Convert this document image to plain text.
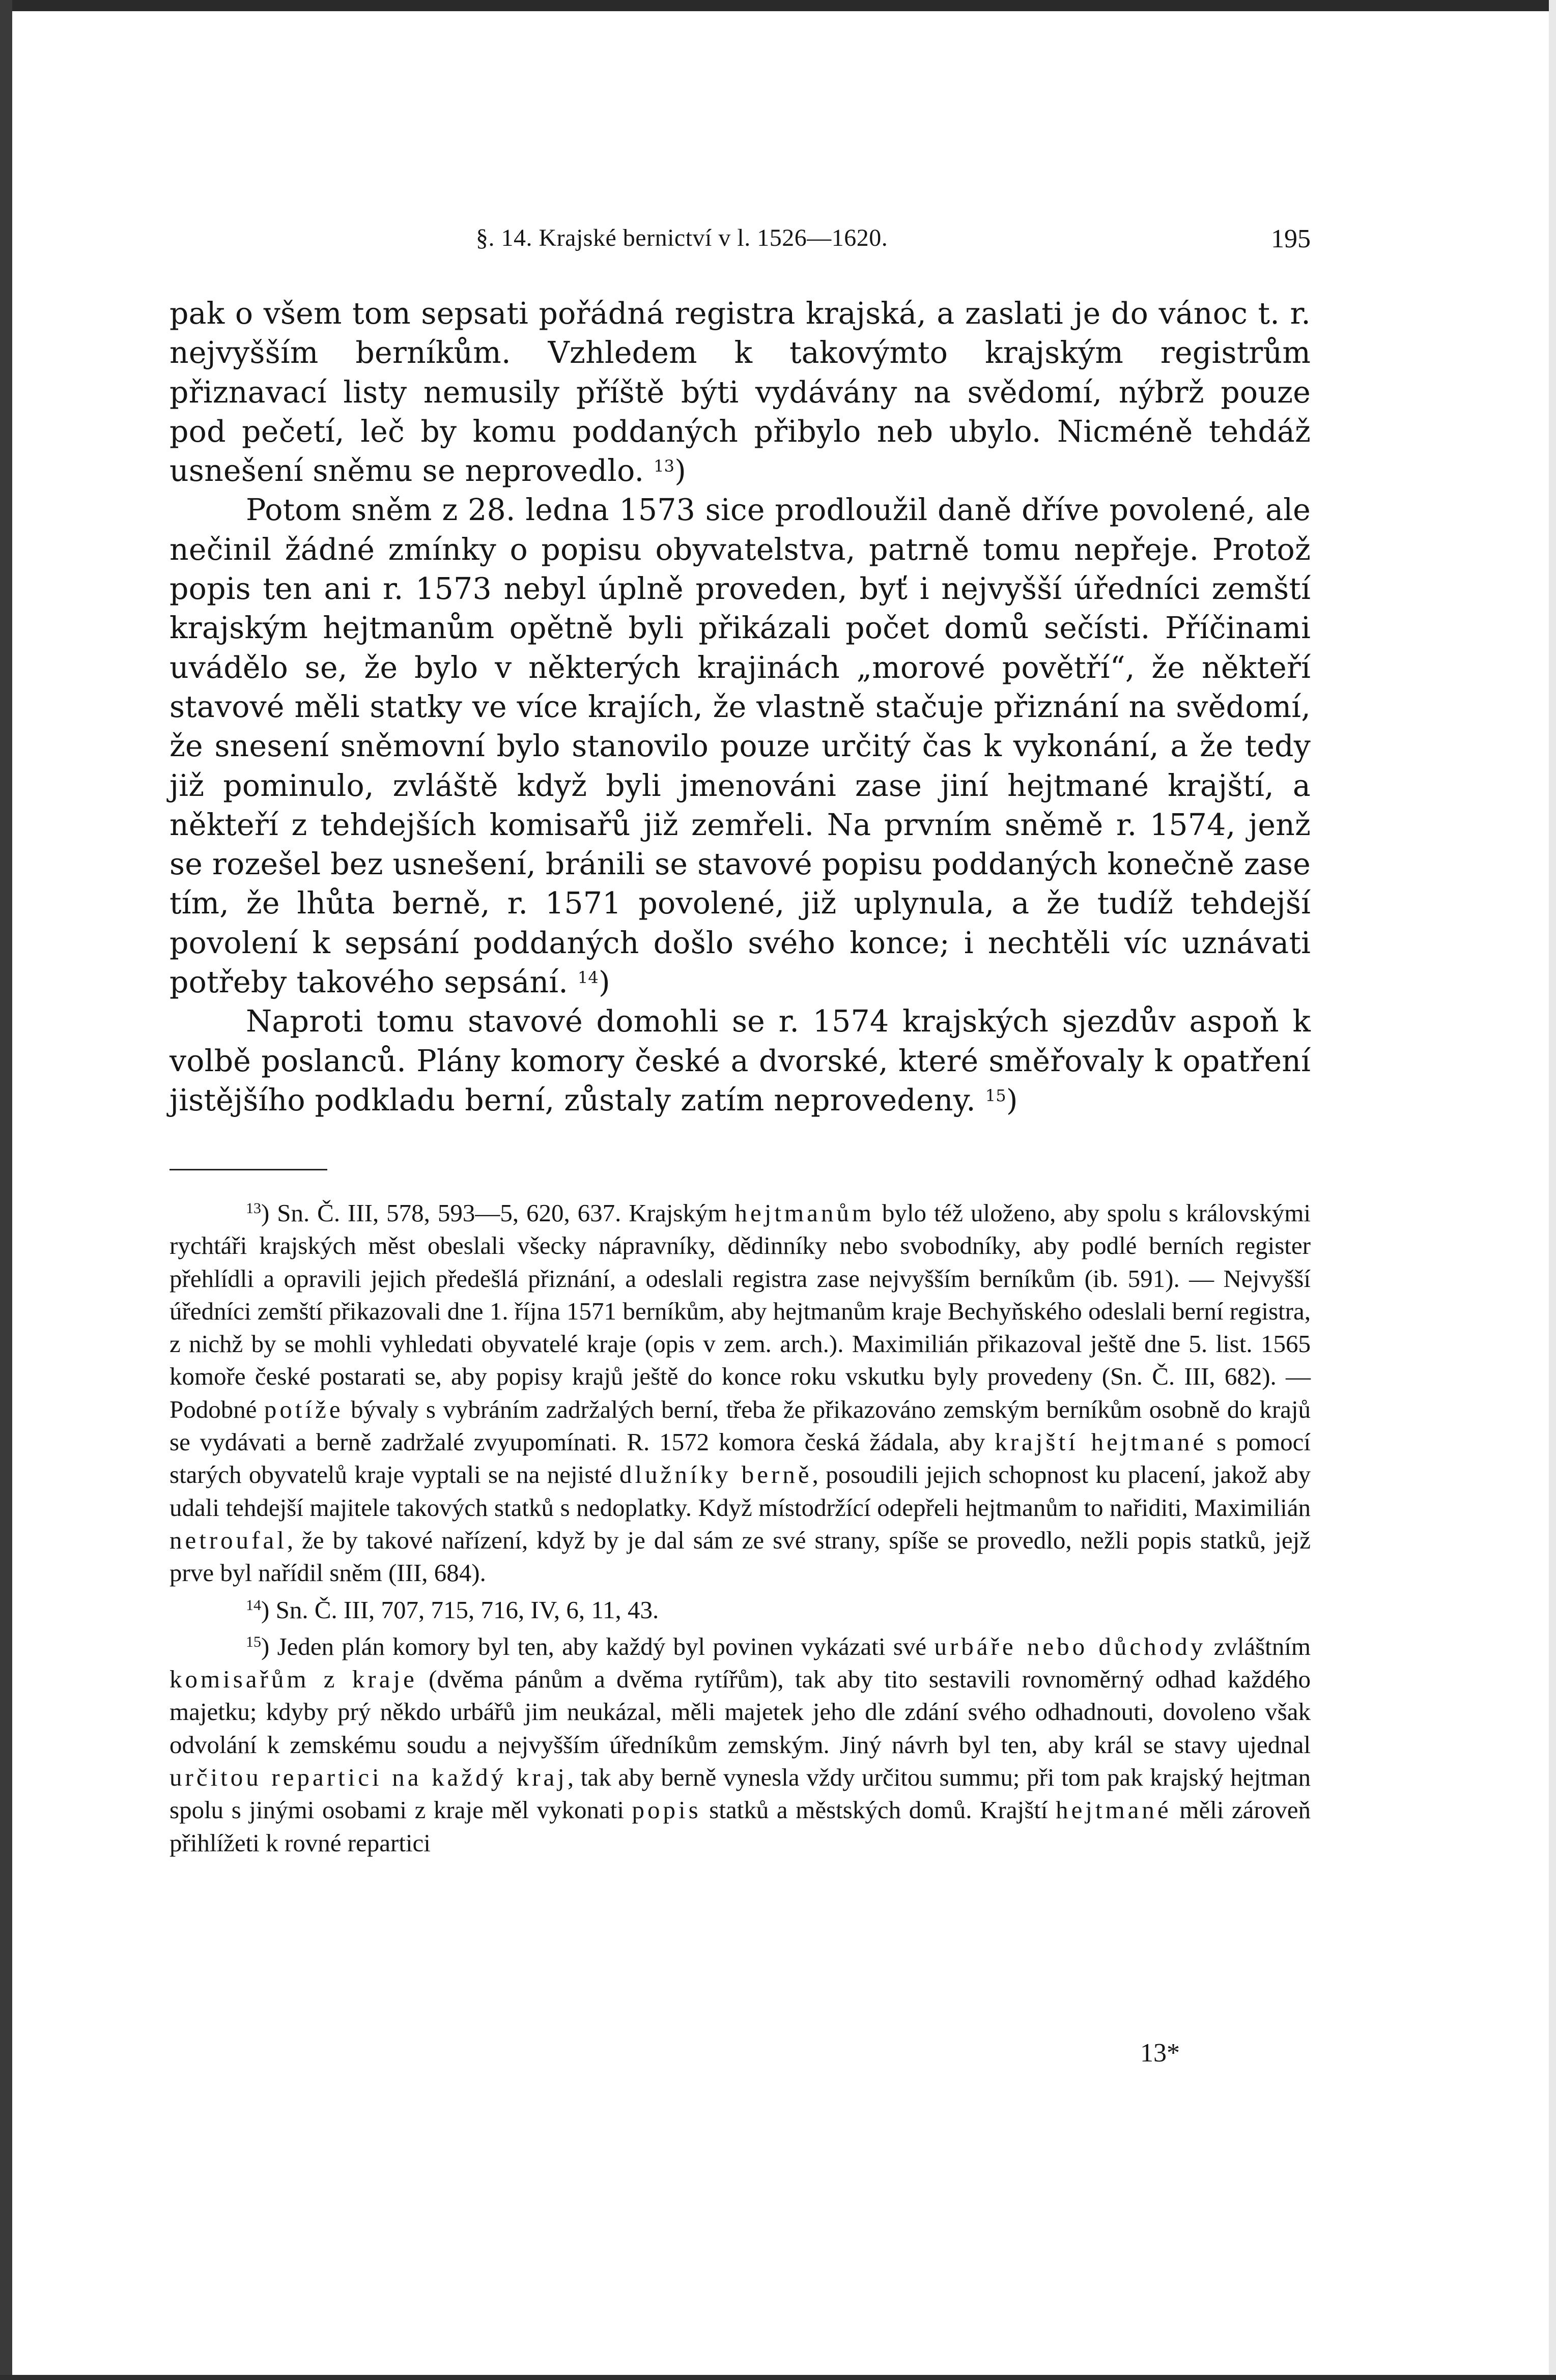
§. 14. Krajské bernictví v l. 1526—1620.	195

pak o všem tom sepsati pořádná registra krajská, a zaslati je do vánoc t. r. nejvyšším berníkům. Vzhledem k takovýmto krajským registrům přiznavací listy nemusily příště býti vydávány na svědomí, nýbrž pouze pod pečetí, leč by komu poddaných přibylo neb ubylo. Nicméně tehdáž usnešení sněmu se neprovedlo. $^{13}$)

Potom sněm z 28. ledna 1573 sice prodloužil daně dříve povolené, ale nečinil žádné zmínky o popisu obyvatelstva, patrně tomu nepřeje. Protož popis ten ani r. 1573 nebyl úplně proveden, byť i nejvyšší úředníci zemští krajským hejtmanům opětně byli přikázali počet domů sečísti. Příčinami uvádělo se, že bylo v některých krajinách „morové povětří“, že někteří stavové měli statky ve více krajích, že vlastně stačuje přiznání na svědomí, že snesení sněmovní bylo stanovilo pouze určitý čas k vykonání, a že tedy již pominulo, zvláště když byli jmenováni zase jiní hejtmané krajští, a někteří z tehdejších komisařů již zemřeli. Na prvním sněmě r. 1574, jenž se rozešel bez usnešení, bránili se stavové popisu poddaných konečně zase tím, že lhůta berně, r. 1571 povolené, již uplynula, a že tudíž tehdejší povolení k sepsání poddaných došlo svého konce; i nechtěli víc uznávati potřeby takového sepsání. $^{14}$)

Naproti tomu stavové domohli se r. 1574 krajských sjezdův aspoň k volbě poslanců. Plány komory české a dvorské, které směřovaly k opatření jistějšího podkladu berní, zůstaly zatím neprovedeny. $^{15}$)

$^{13}$) Sn. Č. III, 578, 593—5, 620, 637. Krajským hejtmanům bylo též uloženo, aby spolu s královskými rychtáři krajských měst obeslali všecky nápravníky, dědinníky nebo svobodníky, aby podlé berních register přehlídli a opravili jejich předešlá přiznání, a odeslali registra zase nejvyšším berníkům (ib. 591). — Nejvyšší úředníci zemští přikazovali dne 1. října 1571 berníkům, aby hejtmanům kraje Bechyňského odeslali berní registra, z nichž by se mohli vyhledati obyvatelé kraje (opis v zem. arch.). Maximilián přikazoval ještě dne 5. list. 1565 komoře české postarati se, aby popisy krajů ještě do konce roku vskutku byly provedeny (Sn. Č. III, 682). — Podobné potíže bývaly s vybráním zadržalých berní, třeba že přikazováno zemským berníkům osobně do krajů se vydávati a berně zadržalé zvyupomínati. R. 1572 komora česká žádala, aby krajští hejtmané s pomocí starých obyvatelů kraje vyptali se na nejisté dlužníky berně, posoudili jejich schopnost ku placení, jakož aby udali tehdejší majitele takových statků s nedoplatky. Když místodržící odepřeli hejtmanům to nařiditi, Maximilián netroufal, že by takové nařízení, když by je dal sám ze své strany, spíše se provedlo, nežli popis statků, jejž prve byl nařídil sněm (III, 684).

$^{14}$) Sn. Č. III, 707, 715, 716, IV, 6, 11, 43.

$^{15}$) Jeden plán komory byl ten, aby každý byl povinen vykázati své urbáře nebo důchody zvláštním komisařům z kraje (dvěma pánům a dvěma rytířům), tak aby tito sestavili rovnoměrný odhad každého majetku; kdyby prý někdo urbářů jim neukázal, měli majetek jeho dle zdání svého odhadnouti, dovoleno však odvolání k zemskému soudu a nejvyšším úředníkům zemským. Jiný návrh byl ten, aby král se stavy ujednal určitou repartici na každý kraj, tak aby berně vynesla vždy určitou summu; při tom pak krajský hejtman spolu s jinými osobami z kraje měl vykonati popis statků a městských domů. Krajští hejtmané měli zároveň přihlížeti k rovné repartici

13*
